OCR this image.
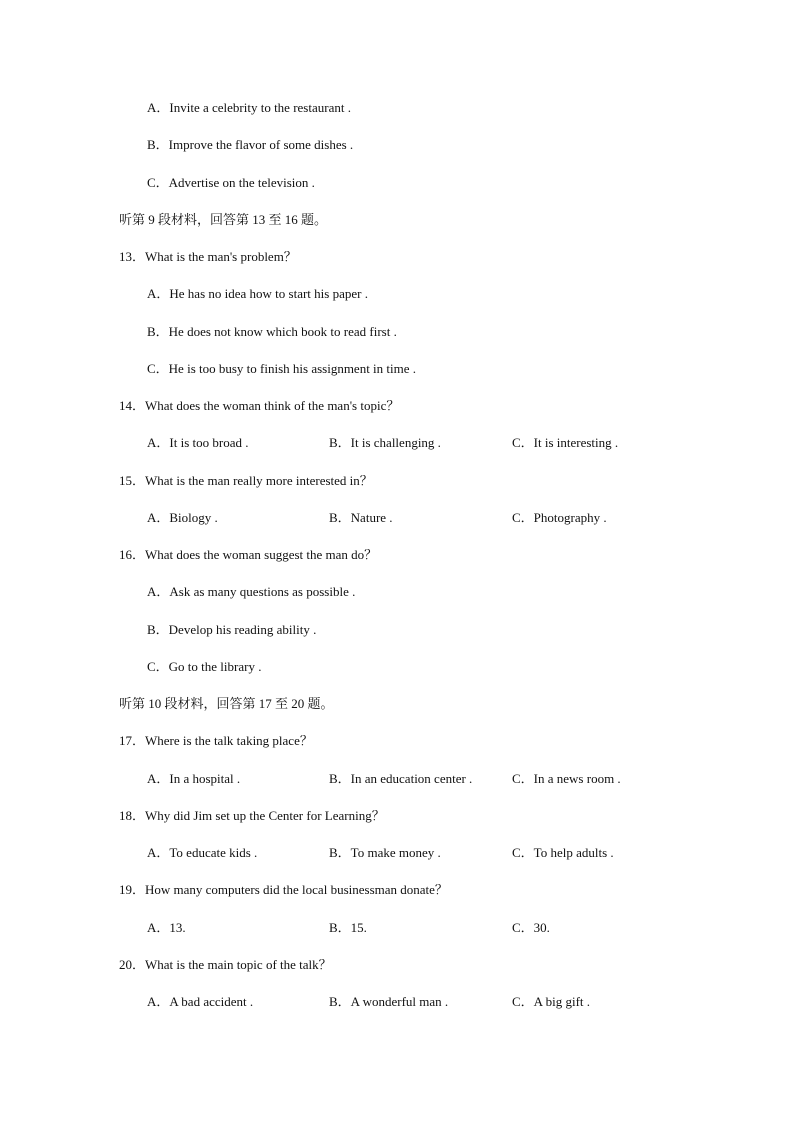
A．Invite a celebrity to the restaurant .
B．Improve the flavor of some dishes .
C．Advertise on the television .
听第 9 段材料，回答第 13 至 16 题。
13．What is the man's problem？
A．He has no idea how to start his paper .
B．He does not know which book to read first .
C．He is too busy to finish his assignment in time .
14．What does the woman think of the man's topic？
A．It is too broad .	B．It is challenging .	C．It is interesting .
15．What is the man really more interested in？
A．Biology .	B．Nature .	C．Photography .
16．What does the woman suggest the man do？
A．Ask as many questions as possible .
B．Develop his reading ability .
C．Go to the library .
听第 10 段材料，回答第 17 至 20 题。
17．Where is the talk taking place？
A．In a hospital .	B．In an education center .	C．In a news room .
18．Why did Jim set up the Center for Learning？
A．To educate kids .	B．To make money .	C．To help adults .
19．How many computers did the local businessman donate？
A．13.	B．15.	C．30.
20．What is the main topic of the talk？
A．A bad accident .	B．A wonderful man .	C．A big gift .
